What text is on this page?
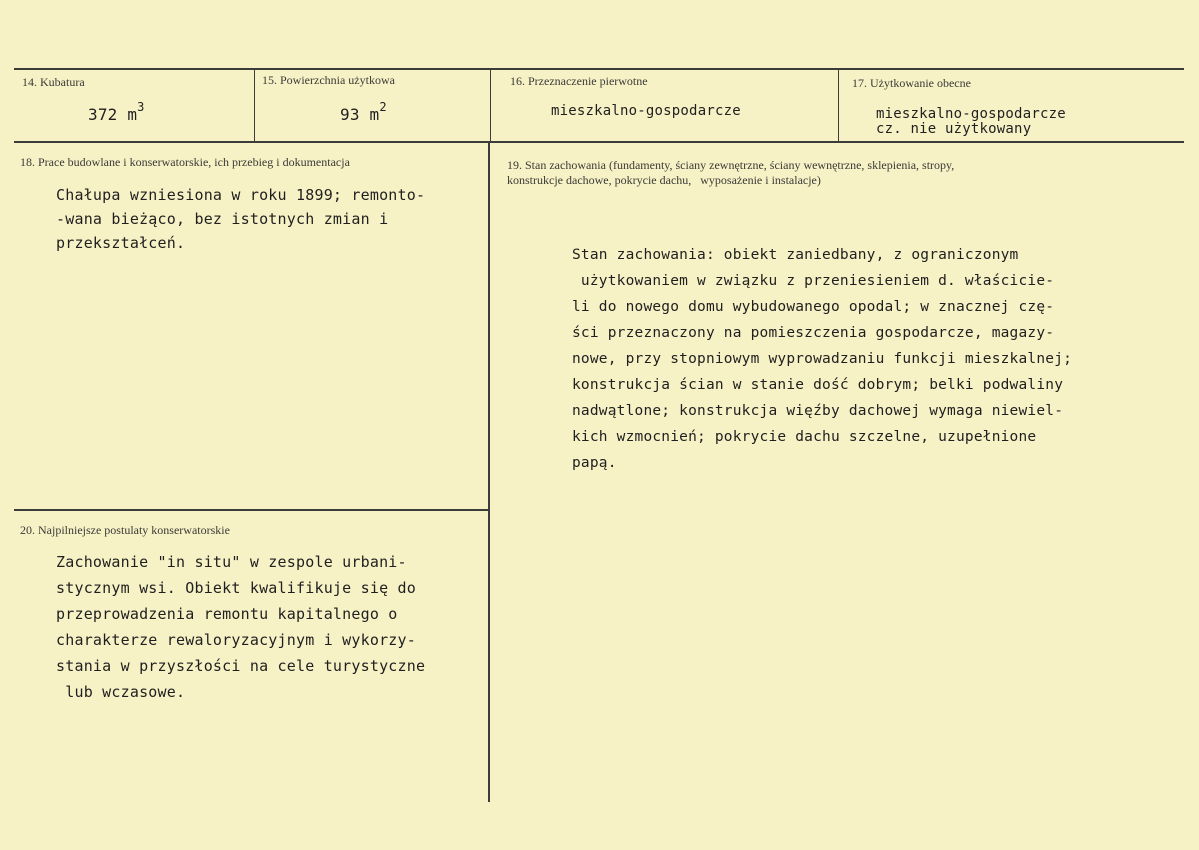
14. Kubatura
372 $m^3$
15. Powierzchnia użytkowa
93 $m^2$
16. Przeznaczenie pierwotne
mieszkalno-gospodarcze
17. Użytkowanie obecne
mieszkalno-gospodarcze
cz. nie użytkowany
18. Prace budowlane i konserwatorskie, ich przebieg i dokumentacja
Chałupa wzniesiona w roku 1899; remonto-
-wana bieżąco, bez istotnych zmian i
przekształceń.
19. Stan zachowania (fundamenty, ściany zewnętrzne, ściany wewnętrzne, sklepienia, stropy,
konstrukcje dachowe, pokrycie dachu,   wyposażenie i instalacje)
Stan zachowania: obiekt zaniedbany, z ograniczonym
użytkowaniem w związku z przeniesieniem d. właścicie-
li do nowego domu wybudowanego opodal; w znacznej czę-
ści przeznaczony na pomieszczenia gospodarcze, magazy-
nowe, przy stopniowym wyprowadzaniu funkcji mieszkalnej;
konstrukcja ścian w stanie dość dobrym; belki podwaliny
nadwątlone; konstrukcja więźby dachowej wymaga niewiel-
kich wzmocnień; pokrycie dachu szczelne, uzupełnione
papą.
20. Najpilniejsze postulaty konserwatorskie
Zachowanie "in situ" w zespole urbani-
stycznym wsi. Obiekt kwalifikuje się do
przeprowadzenia remontu kapitalnego o
charakterze rewaloryzacyjnym i wykorzy-
stania w przyszłości na cele turystyczne
lub wczasowe.
